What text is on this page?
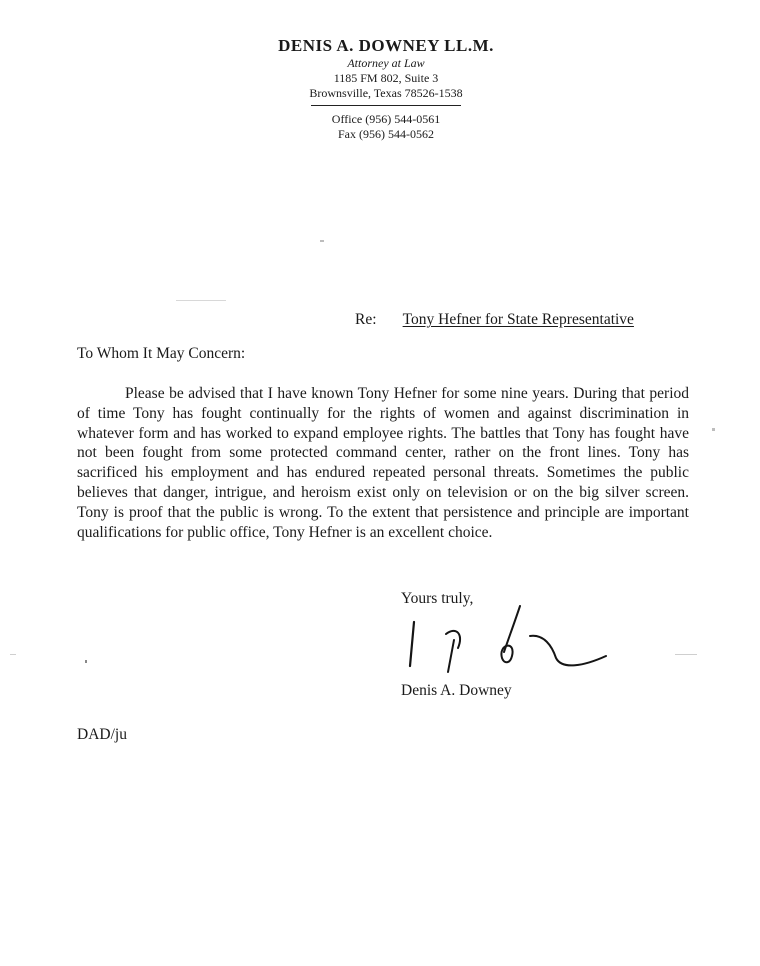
DENIS A. DOWNEY LL.M.
Attorney at Law
1185 FM 802, Suite 3
Brownsville, Texas 78526-1538
Office (956) 544-0561
Fax (956) 544-0562
Re: Tony Hefner for State Representative
To Whom It May Concern:
Please be advised that I have known Tony Hefner for some nine years. During that period of time Tony has fought continually for the rights of women and against discrimination in whatever form and has worked to expand employee rights. The battles that Tony has fought have not been fought from some protected command center, rather on the front lines. Tony has sacrificed his employment and has endured repeated personal threats. Sometimes the public believes that danger, intrigue, and heroism exist only on television or on the big silver screen. Tony is proof that the public is wrong. To the extent that persistence and principle are important qualifications for public office, Tony Hefner is an excellent choice.
Yours truly,
Denis A. Downey
DAD/ju
